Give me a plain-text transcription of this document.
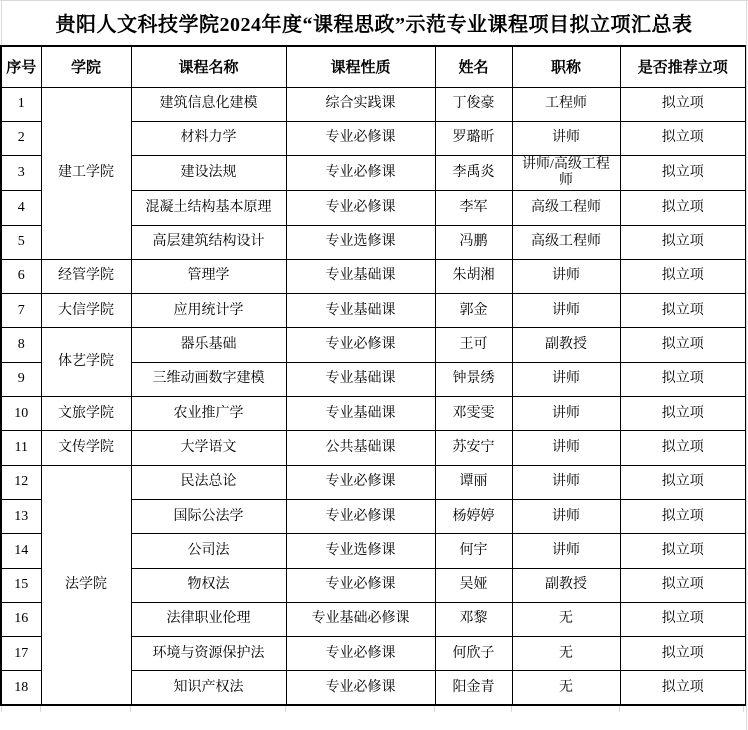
贵阳人文科技学院2024年度“课程思政”示范专业课程项目拟立项汇总表
序号	学院	课程名称	课程性质	姓名	职称	是否推荐立项
1	建工学院	建筑信息化建模	综合实践课	丁俊豪	工程师	拟立项
2		材料力学	专业必修课	罗璐昕	讲师	拟立项
3		建设法规	专业必修课	李禹炎	讲师/高级工程师	拟立项
4		混凝土结构基本原理	专业必修课	李军	高级工程师	拟立项
5		高层建筑结构设计	专业选修课	冯鹏	高级工程师	拟立项
6	经管学院	管理学	专业基础课	朱胡湘	讲师	拟立项
7	大信学院	应用统计学	专业基础课	郭金	讲师	拟立项
8	体艺学院	器乐基础	专业必修课	王可	副教授	拟立项
9		三维动画数字建模	专业基础课	钟景绣	讲师	拟立项
10	文旅学院	农业推广学	专业基础课	邓雯雯	讲师	拟立项
11	文传学院	大学语文	公共基础课	苏安宁	讲师	拟立项
12	法学院	民法总论	专业必修课	谭丽	讲师	拟立项
13		国际公法学	专业必修课	杨婷婷	讲师	拟立项
14		公司法	专业选修课	何宇	讲师	拟立项
15		物权法	专业必修课	吴娅	副教授	拟立项
16		法律职业伦理	专业基础必修课	邓黎	无	拟立项
17		环境与资源保护法	专业必修课	何欣子	无	拟立项
18		知识产权法	专业必修课	阳金青	无	拟立项
